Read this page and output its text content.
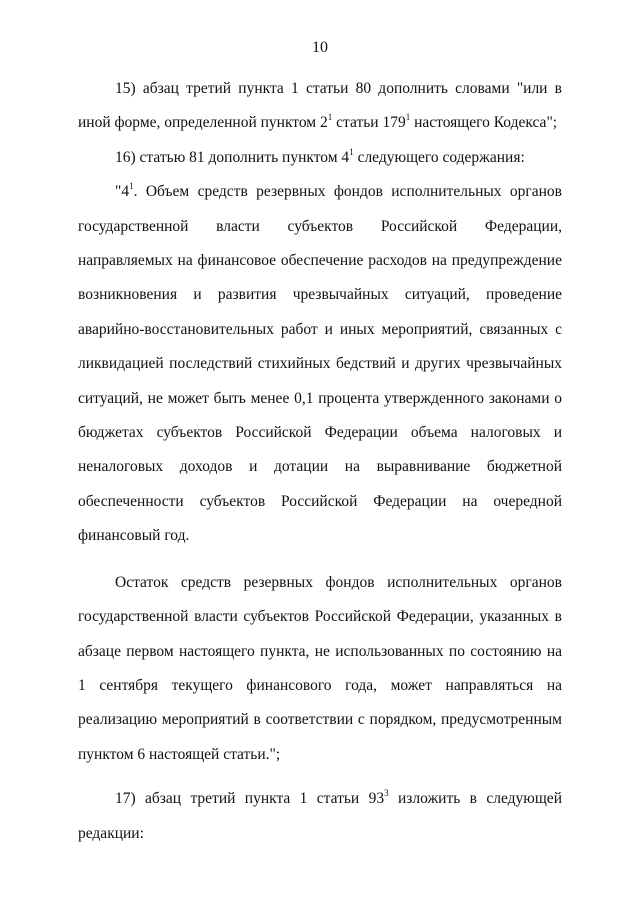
10

15) абзац третий пункта 1 статьи 80 дополнить словами "или в иной форме, определенной пунктом $2^1$ статьи $179^1$ настоящего Кодекса";

16) статью 81 дополнить пунктом $4^1$ следующего содержания:

"$4^1$. Объем средств резервных фондов исполнительных органов государственной власти субъектов Российской Федерации, направляемых на финансовое обеспечение расходов на предупреждение возникновения и развития чрезвычайных ситуаций, проведение аварийно-восстановительных работ и иных мероприятий, связанных с ликвидацией последствий стихийных бедствий и других чрезвычайных ситуаций, не может быть менее 0,1 процента утвержденного законами о бюджетах субъектов Российской Федерации объема налоговых и неналоговых доходов и дотации на выравнивание бюджетной обеспеченности субъектов Российской Федерации на очередной финансовый год.

Остаток средств резервных фондов исполнительных органов государственной власти субъектов Российской Федерации, указанных в абзаце первом настоящего пункта, не использованных по состоянию на 1 сентября текущего финансового года, может направляться на реализацию мероприятий в соответствии с порядком, предусмотренным пунктом 6 настоящей статьи.";

17) абзац третий пункта 1 статьи $93^3$ изложить в следующей редакции:
